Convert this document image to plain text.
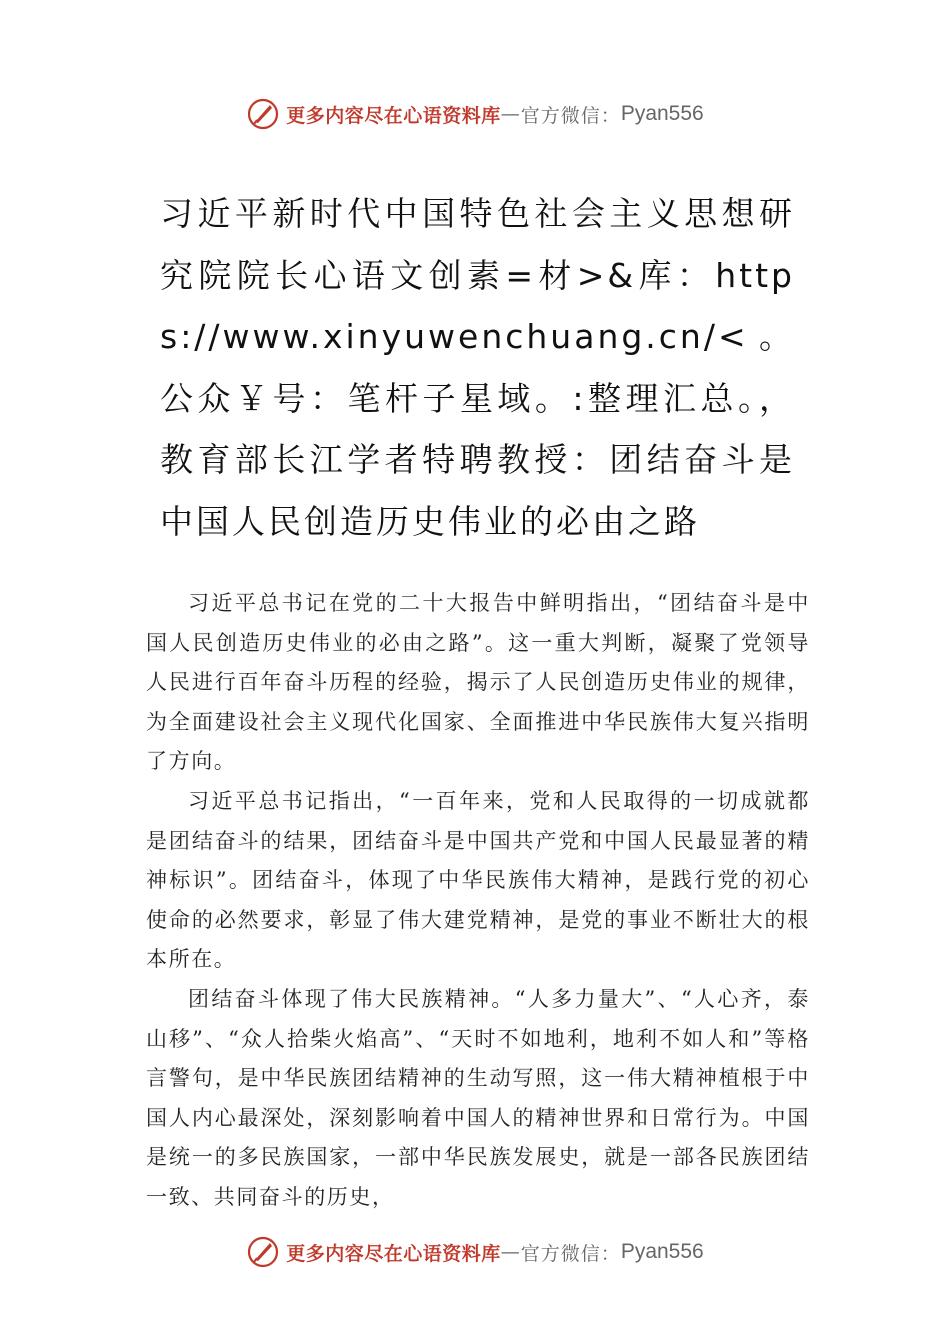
更多内容尽在心语资料库 — 官方微信： Pyan556
习近平新时代中国特色社会主义思想研究院院长心语文创素=材>&库：https://www.xinyuwenchuang.cn/<。公众￥号：笔杆子星域。:整理汇总。，教育部长江学者特聘教授：团结奋斗是中国人民创造历史伟业的必由之路

习近平总书记在党的二十大报告中鲜明指出，“团结奋斗是中国人民创造历史伟业的必由之路”。这一重大判断，凝聚了党领导人民进行百年奋斗历程的经验，揭示了人民创造历史伟业的规律，为全面建设社会主义现代化国家、全面推进中华民族伟大复兴指明了方向。

习近平总书记指出，“一百年来，党和人民取得的一切成就都是团结奋斗的结果，团结奋斗是中国共产党和中国人民最显著的精神标识”。团结奋斗，体现了中华民族伟大精神，是践行党的初心使命的必然要求，彰显了伟大建党精神，是党的事业不断壮大的根本所在。

团结奋斗体现了伟大民族精神。“人多力量大”、“人心齐，泰山移”、“众人拾柴火焰高”、“天时不如地利，地利不如人和”等格言警句，是中华民族团结精神的生动写照，这一伟大精神植根于中国人内心最深处，深刻影响着中国人的精神世界和日常行为。中国是统一的多民族国家，一部中华民族发展史，就是一部各民族团结一致、共同奋斗的历史，

更多内容尽在心语资料库 — 官方微信： Pyan556
